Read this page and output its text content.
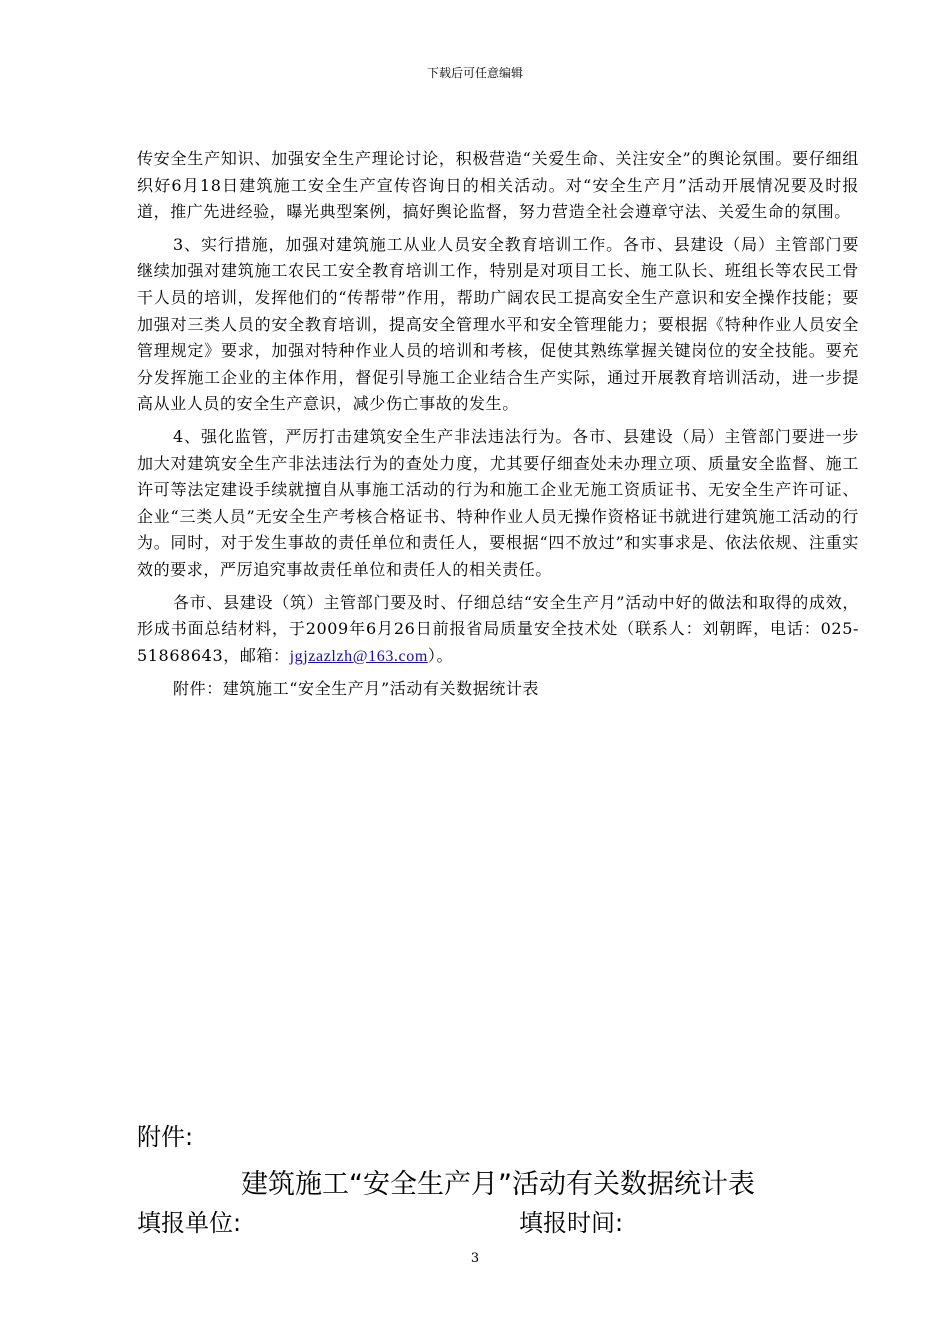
下载后可任意编辑

传安全生产知识、加强安全生产理论讨论，积极营造“关爱生命、关注安全”的舆论氛围。要仔细组织好6月18日建筑施工安全生产宣传咨询日的相关活动。对“安全生产月”活动开展情况要及时报道，推广先进经验，曝光典型案例，搞好舆论监督，努力营造全社会遵章守法、关爱生命的氛围。

3、实行措施，加强对建筑施工从业人员安全教育培训工作。各市、县建设（局）主管部门要继续加强对建筑施工农民工安全教育培训工作，特别是对项目工长、施工队长、班组长等农民工骨干人员的培训，发挥他们的“传帮带”作用，帮助广阔农民工提高安全生产意识和安全操作技能；要加强对三类人员的安全教育培训，提高安全管理水平和安全管理能力；要根据《特种作业人员安全管理规定》要求，加强对特种作业人员的培训和考核，促使其熟练掌握关键岗位的安全技能。要充分发挥施工企业的主体作用，督促引导施工企业结合生产实际，通过开展教育培训活动，进一步提高从业人员的安全生产意识，减少伤亡事故的发生。

4、强化监管，严厉打击建筑安全生产非法违法行为。各市、县建设（局）主管部门要进一步加大对建筑安全生产非法违法行为的查处力度，尤其要仔细查处未办理立项、质量安全监督、施工许可等法定建设手续就擅自从事施工活动的行为和施工企业无施工资质证书、无安全生产许可证、企业“三类人员”无安全生产考核合格证书、特种作业人员无操作资格证书就进行建筑施工活动的行为。同时，对于发生事故的责任单位和责任人，要根据“四不放过”和实事求是、依法依规、注重实效的要求，严厉追究事故责任单位和责任人的相关责任。

各市、县建设（筑）主管部门要及时、仔细总结“安全生产月”活动中好的做法和取得的成效，形成书面总结材料，于2009年6月26日前报省局质量安全技术处（联系人：刘朝晖，电话：025-51868643，邮箱：jgjzazlzh@163.com）。

附件：建筑施工“安全生产月”活动有关数据统计表

附件:
建筑施工“安全生产月”活动有关数据统计表
填报单位:	填报时间:
3
